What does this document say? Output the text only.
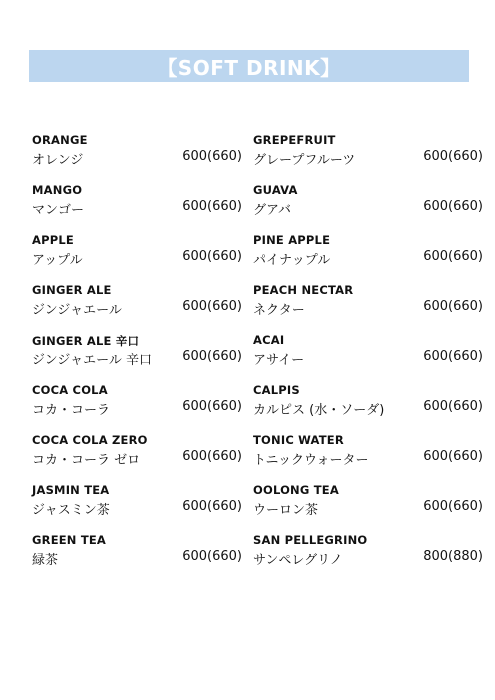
【SOFT DRINK】
ORANGE
オレンジ	600(660)
MANGO
マンゴー	600(660)
APPLE
アップル	600(660)
GINGER ALE
ジンジャエール	600(660)
GINGER ALE 辛口
ジンジャエール 辛口 600(660)
COCA COLA
コカ・コーラ	600(660)
COCA COLA ZERO
コカ・コーラ ゼロ	600(660)
JASMIN TEA
ジャスミン茶	600(660)
GREEN TEA
緑茶	600(660)
GREPEFRUIT
グレープフルーツ	600(660)
GUAVA
グアバ	600(660)
PINE APPLE
パイナップル	600(660)
PEACH NECTAR
ネクター	600(660)
ACAI
アサイー	600(660)
CALPIS
カルピス (水・ソーダ)	600(660)
TONIC WATER
トニックウォーター	600(660)
OOLONG TEA
ウーロン茶	600(660)
SAN PELLEGRINO
サンペレグリノ	800(880)
